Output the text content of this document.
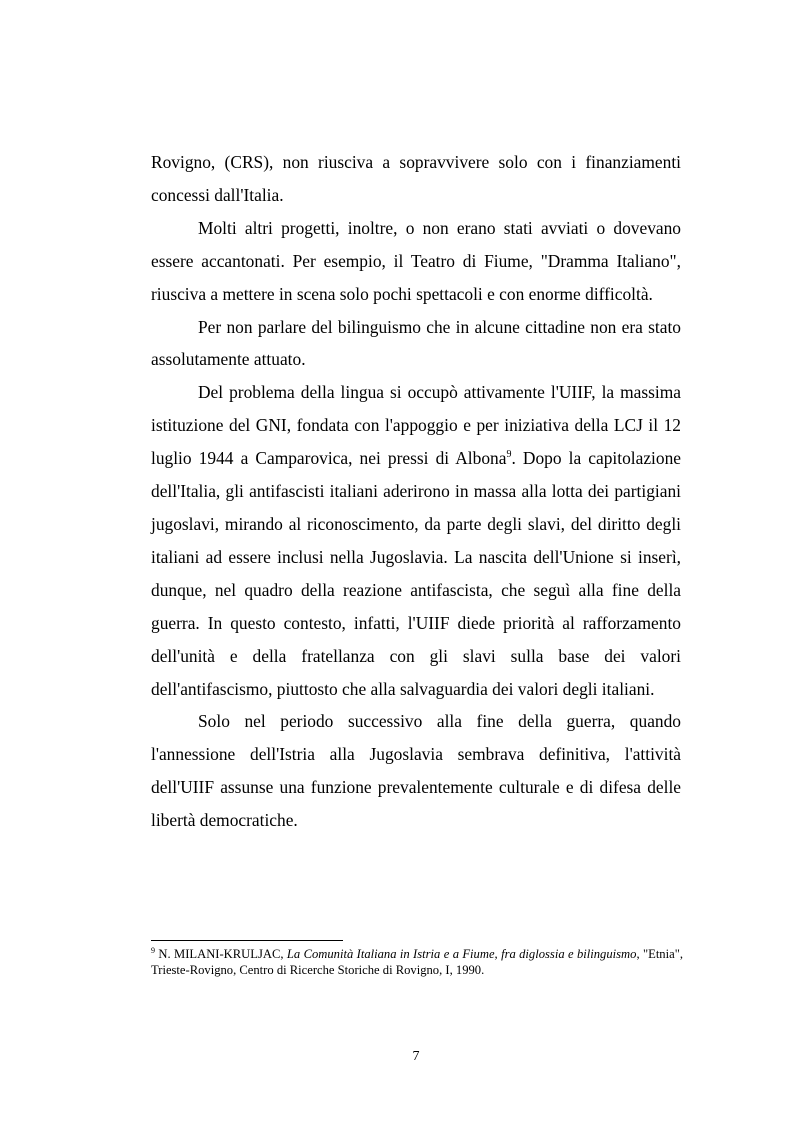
Rovigno, (CRS), non riusciva a sopravvivere solo con i finanziamenti concessi dall'Italia.

Molti altri progetti, inoltre, o non erano stati avviati o dovevano essere accantonati. Per esempio, il Teatro di Fiume, "Dramma Italiano", riusciva a mettere in scena solo pochi spettacoli e con enorme difficoltà.

Per non parlare del bilinguismo che in alcune cittadine non era stato assolutamente attuato.

Del problema della lingua si occupò attivamente l'UIIF, la massima istituzione del GNI, fondata con l'appoggio e per iniziativa della LCJ il 12 luglio 1944 a Camparovica, nei pressi di Albona$^9$. Dopo la capitolazione dell'Italia, gli antifascisti italiani aderirono in massa alla lotta dei partigiani jugoslavi, mirando al riconoscimento, da parte degli slavi, del diritto degli italiani ad essere inclusi nella Jugoslavia. La nascita dell'Unione si inserì, dunque, nel quadro della reazione antifascista, che seguì alla fine della guerra. In questo contesto, infatti, l'UIIF diede priorità al rafforzamento dell'unità e della fratellanza con gli slavi sulla base dei valori dell'antifascismo, piuttosto che alla salvaguardia dei valori degli italiani.

Solo nel periodo successivo alla fine della guerra, quando l'annessione dell'Istria alla Jugoslavia sembrava definitiva, l'attività dell'UIIF assunse una funzione prevalentemente culturale e di difesa delle libertà democratiche.

$^9$ N. MILANI-KRULJAC, La Comunità Italiana in Istria e a Fiume, fra diglossia e bilinguismo, "Etnia", Trieste-Rovigno, Centro di Ricerche Storiche di Rovigno, I, 1990.
7
